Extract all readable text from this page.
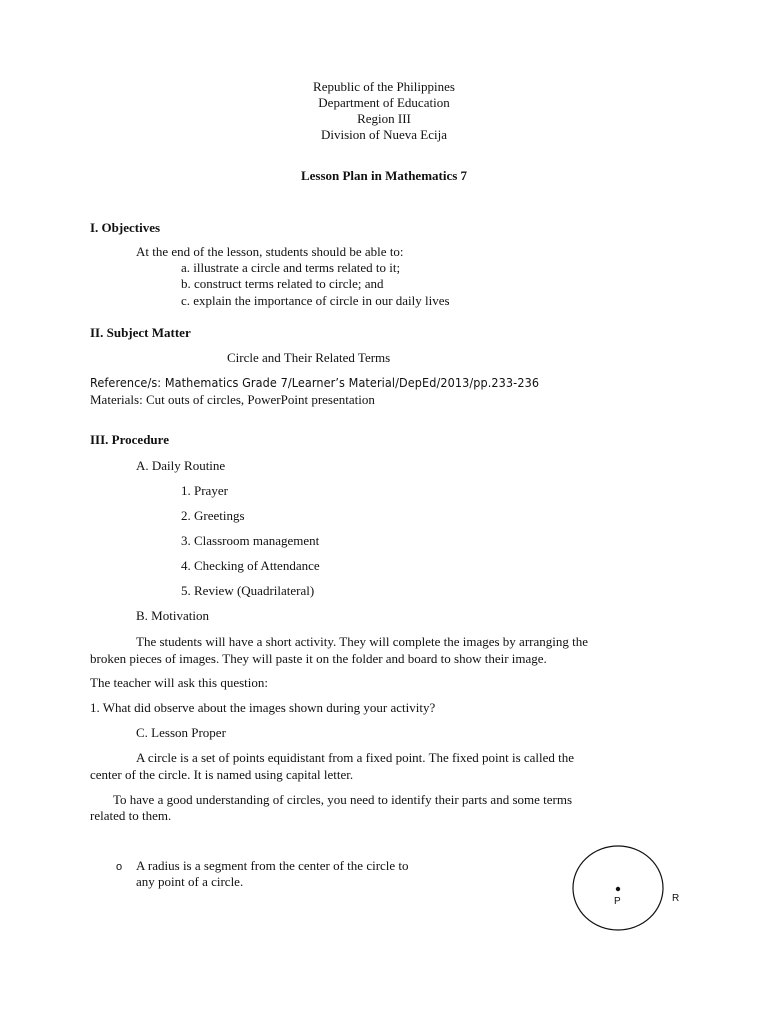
Republic of the Philippines
Department of Education
Region III
Division of Nueva Ecija
Lesson Plan in Mathematics 7
I. Objectives
At the end of the lesson, students should be able to:
a. illustrate a circle and terms related to it;
b. construct terms related to circle; and
c. explain the importance of circle in our daily lives
II. Subject Matter
Circle and Their Related Terms
Reference/s: Mathematics Grade 7/Learner’s Material/DepEd/2013/pp.233-236
Materials: Cut outs of circles, PowerPoint presentation
III. Procedure
A. Daily Routine
1. Prayer
2. Greetings
3. Classroom management
4. Checking of Attendance
5. Review (Quadrilateral)
B. Motivation
The students will have a short activity. They will complete the images by arranging the
broken pieces of images. They will paste it on the folder and board to show their image.
The teacher will ask this question:
1. What did observe about the images shown during your activity?
C. Lesson Proper
A circle is a set of points equidistant from a fixed point. The fixed point is called the
center of the circle. It is named using capital letter.
To have a good understanding of circles, you need to identify their parts and some terms
related to them.
o A radius is a segment from the center of the circle to
any point of a circle.
P	R
